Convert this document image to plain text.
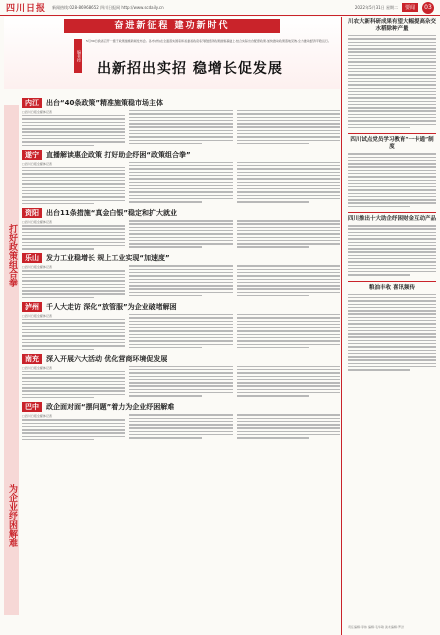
四川日报 新闻热线:028-86968652 四川日报网 http://www.scdaily.cn	2022年5月31日 星期二	要闻	03
奋进新征程 建功新时代
编者按
5月30日我省召开一揽子政策措施新闻发布会。各市(州)在全面落实国家和省委省政府系列稳经济政策措施基础上,结合实际出台配套政策,加快推动政策落地见效,全力推动经济平稳运行。
出新招出实招 稳增长促发展
打好政策组合拳
为企业纾困解难
内江	出台“40条政策”精准施策稳市场主体
□四川日报全媒体记者
遂宁	直播解读惠企政策 打好助企纾困“政策组合拳”
□四川日报全媒体记者
资阳	出台11条措施“真金白银”稳定和扩大就业
□四川日报全媒体记者
乐山	发力工业稳增长 规上工业实现“加速度”
□四川日报全媒体记者
泸州	千人大走访 深化“放管服”为企业破堵解困
□四川日报全媒体记者
南充	深入开展六大活动 优化营商环境促发展
□四川日报全媒体记者
巴中	政企面对面“摆问题”着力为企业纾困解难
□四川日报全媒体记者
川农大新科研成果有望大幅提高杂交水稻除种产量
四川试点党员学习教育“一卡通”制度
四川推出十大助企纾困财金互动产品
粮油丰收 喜讯频传
责任编辑:李炜 编辑:毛华敏 美术编辑:罗洪
